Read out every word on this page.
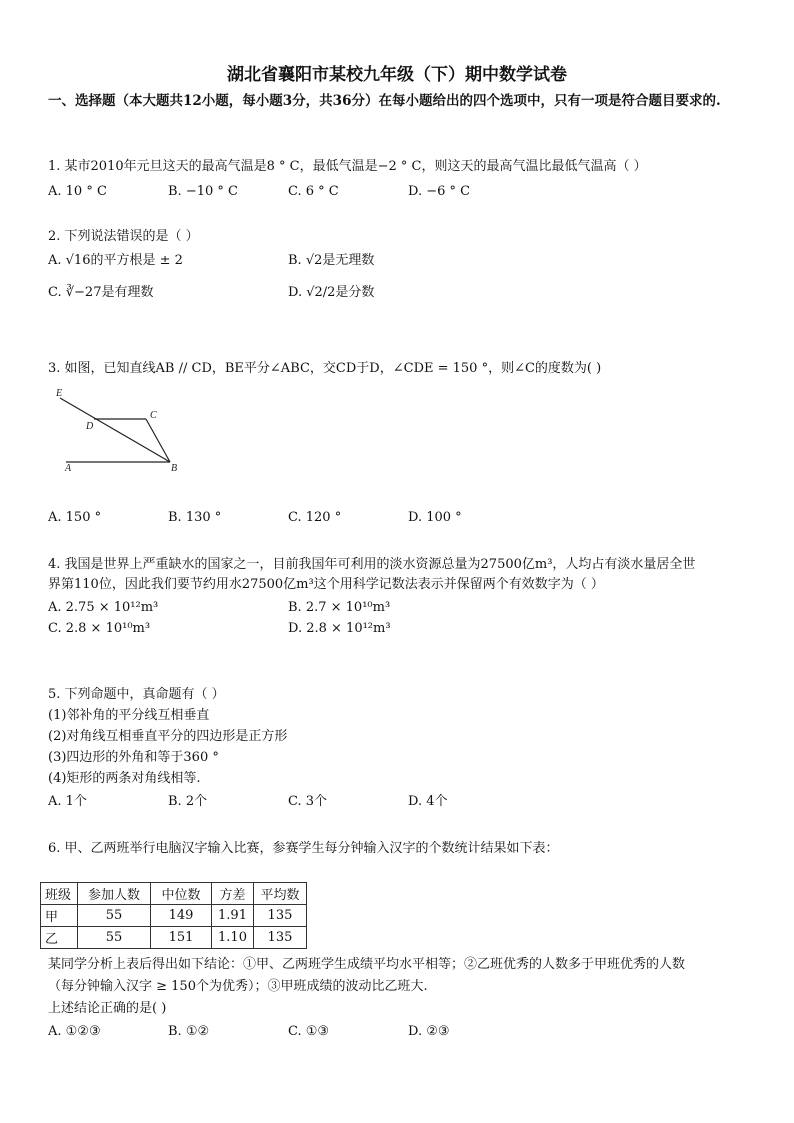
湖北省襄阳市某校九年级（下）期中数学试卷
一、选择题（本大题共12小题，每小题3分，共36分）在每小题给出的四个选项中，只有一项是符合题目要求的.
1. 某市2010年元旦这天的最高气温是8 ° C，最低气温是−2 ° C，则这天的最高气温比最低气温高（ ）
A. 10 ° C	B. −10 ° C	C. 6 ° C	D. −6 ° C
2. 下列说法错误的是（ ）
A. √16的平方根是 ± 2	B. √2是无理数
C. ∛−27是有理数	D. √2/2是分数
3. 如图，已知直线AB // CD，BE平分∠ABC，交CD于D，∠CDE = 150 °，则∠C的度数为( )
E
C
D
A	B
A. 150 °	B. 130 °	C. 120 °	D. 100 °
4. 我国是世界上严重缺水的国家之一，目前我国年可利用的淡水资源总量为27500亿m³，人均占有淡水量居全世
界第110位，因此我们要节约用水27500亿m³这个用科学记数法表示并保留两个有效数字为（ ）
A. 2.75 × 10¹²m³	B. 2.7 × 10¹⁰m³
C. 2.8 × 10¹⁰m³	D. 2.8 × 10¹²m³
5. 下列命题中，真命题有（ ）
(1)邻补角的平分线互相垂直
(2)对角线互相垂直平分的四边形是正方形
(3)四边形的外角和等于360 °
(4)矩形的两条对角线相等.
A. 1个	B. 2个	C. 3个	D. 4个
6. 甲、乙两班举行电脑汉字输入比赛，参赛学生每分钟输入汉字的个数统计结果如下表：
班级	参加人数	中位数	方差	平均数
甲	55	149	1.91	135
乙	55	151	1.10	135
某同学分析上表后得出如下结论：①甲、乙两班学生成绩平均水平相等；②乙班优秀的人数多于甲班优秀的人数
（每分钟输入汉字 ≥ 150个为优秀）；③甲班成绩的波动比乙班大.
上述结论正确的是( )
A. ①②③	B. ①②	C. ①③	D. ②③
